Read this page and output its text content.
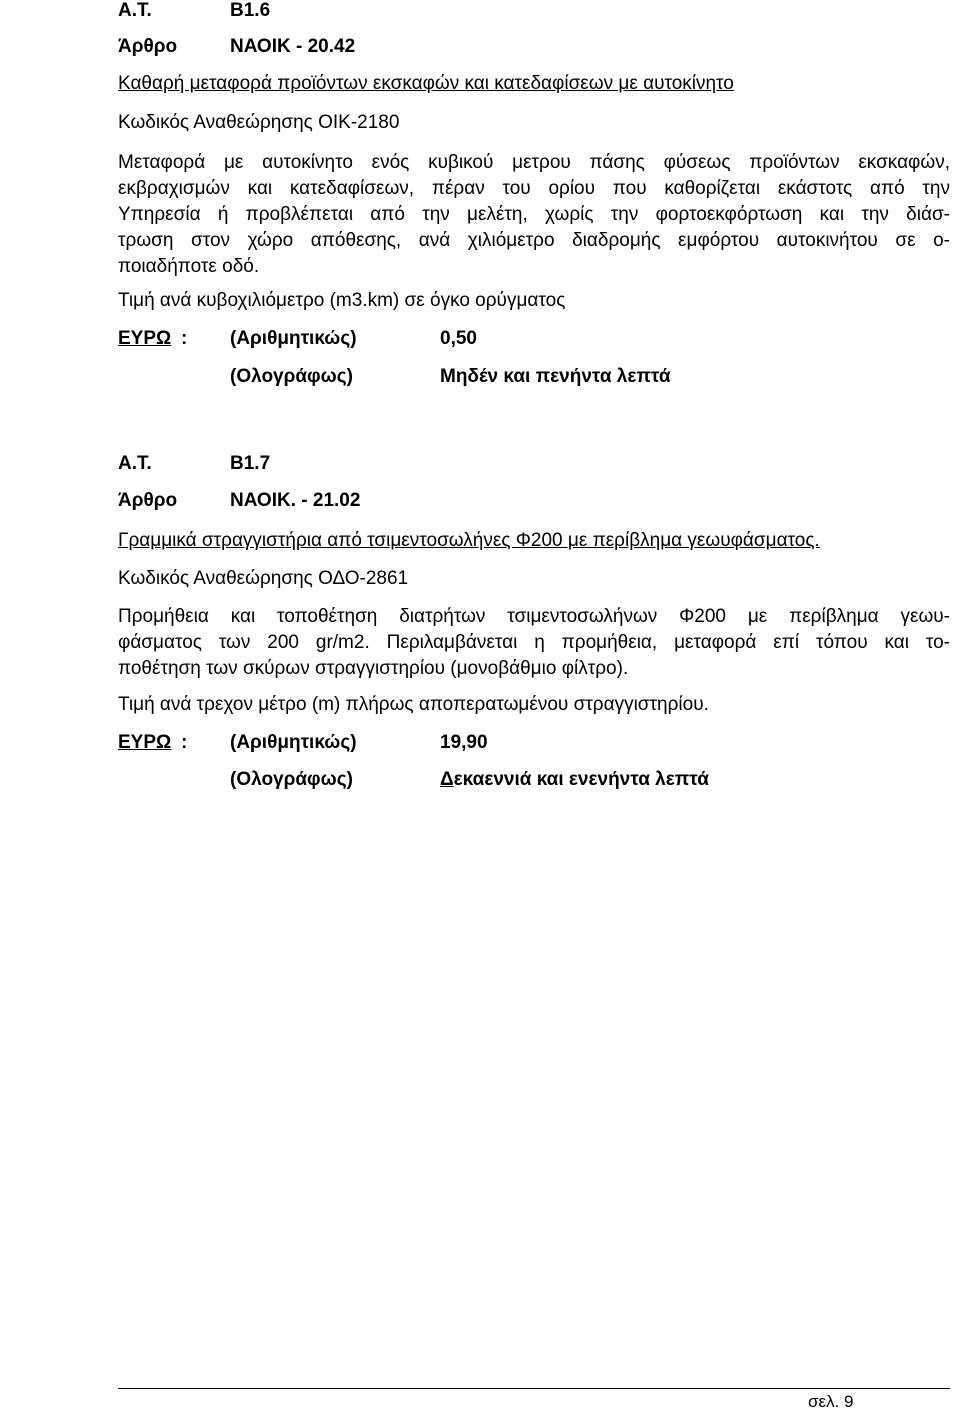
A.T.	B1.6
Άρθρο	ΝΑΟΙΚ - 20.42
Καθαρή μεταφορά προϊόντων εκσκαφών και κατεδαφίσεων με αυτοκίνητο
Κωδικός Αναθεώρησης ΟΙΚ-2180
Μεταφορά με αυτοκίνητο ενός κυβικού μετρου πάσης φύσεως προϊόντων εκσκαφών,
εκβραχισμών και κατεδαφίσεων, πέραν του ορίου που καθορίζεται εκάστοτς από την
Υπηρεσία ή προβλέπεται από την μελέτη, χωρίς την φορτοεκφόρτωση και την διάσ-
τρωση στον χώρο απόθεσης, ανά χιλιόμετρο διαδρομής εμφόρτου αυτοκινήτου σε ο-
ποιαδήποτε οδό.
Τιμή ανά κυβοχιλιόμετρο (m3.km) σε όγκο ορύγματος
ΕΥΡΩ : (Αριθμητικώς)	0,50
(Ολογράφως)	Μηδέν και πενήντα λεπτά
A.T.	B1.7
Άρθρο	ΝΑΟΙΚ. - 21.02
Γραμμικά στραγγιστήρια από τσιμεντοσωλήνες Φ200 με περίβλημα γεωυφάσματος.
Κωδικός Αναθεώρησης ΟΔΟ-2861
Προμήθεια και τοποθέτηση διατρήτων τσιμεντοσωλήνων Φ200 με περίβλημα γεωυ-
φάσματος των 200 gr/m2. Περιλαμβάνεται η προμήθεια, μεταφορά επί τόπου και το-
ποθέτηση των σκύρων στραγγιστηρίου (μονοβάθμιο φίλτρο).
Τιμή ανά τρεχον μέτρο (m) πλήρως αποπερατωμένου στραγγιστηρίου.
ΕΥΡΩ : (Αριθμητικώς)	19,90
(Ολογράφως)	Δεκαεννιά και ενενήντα λεπτά
σελ. 9
